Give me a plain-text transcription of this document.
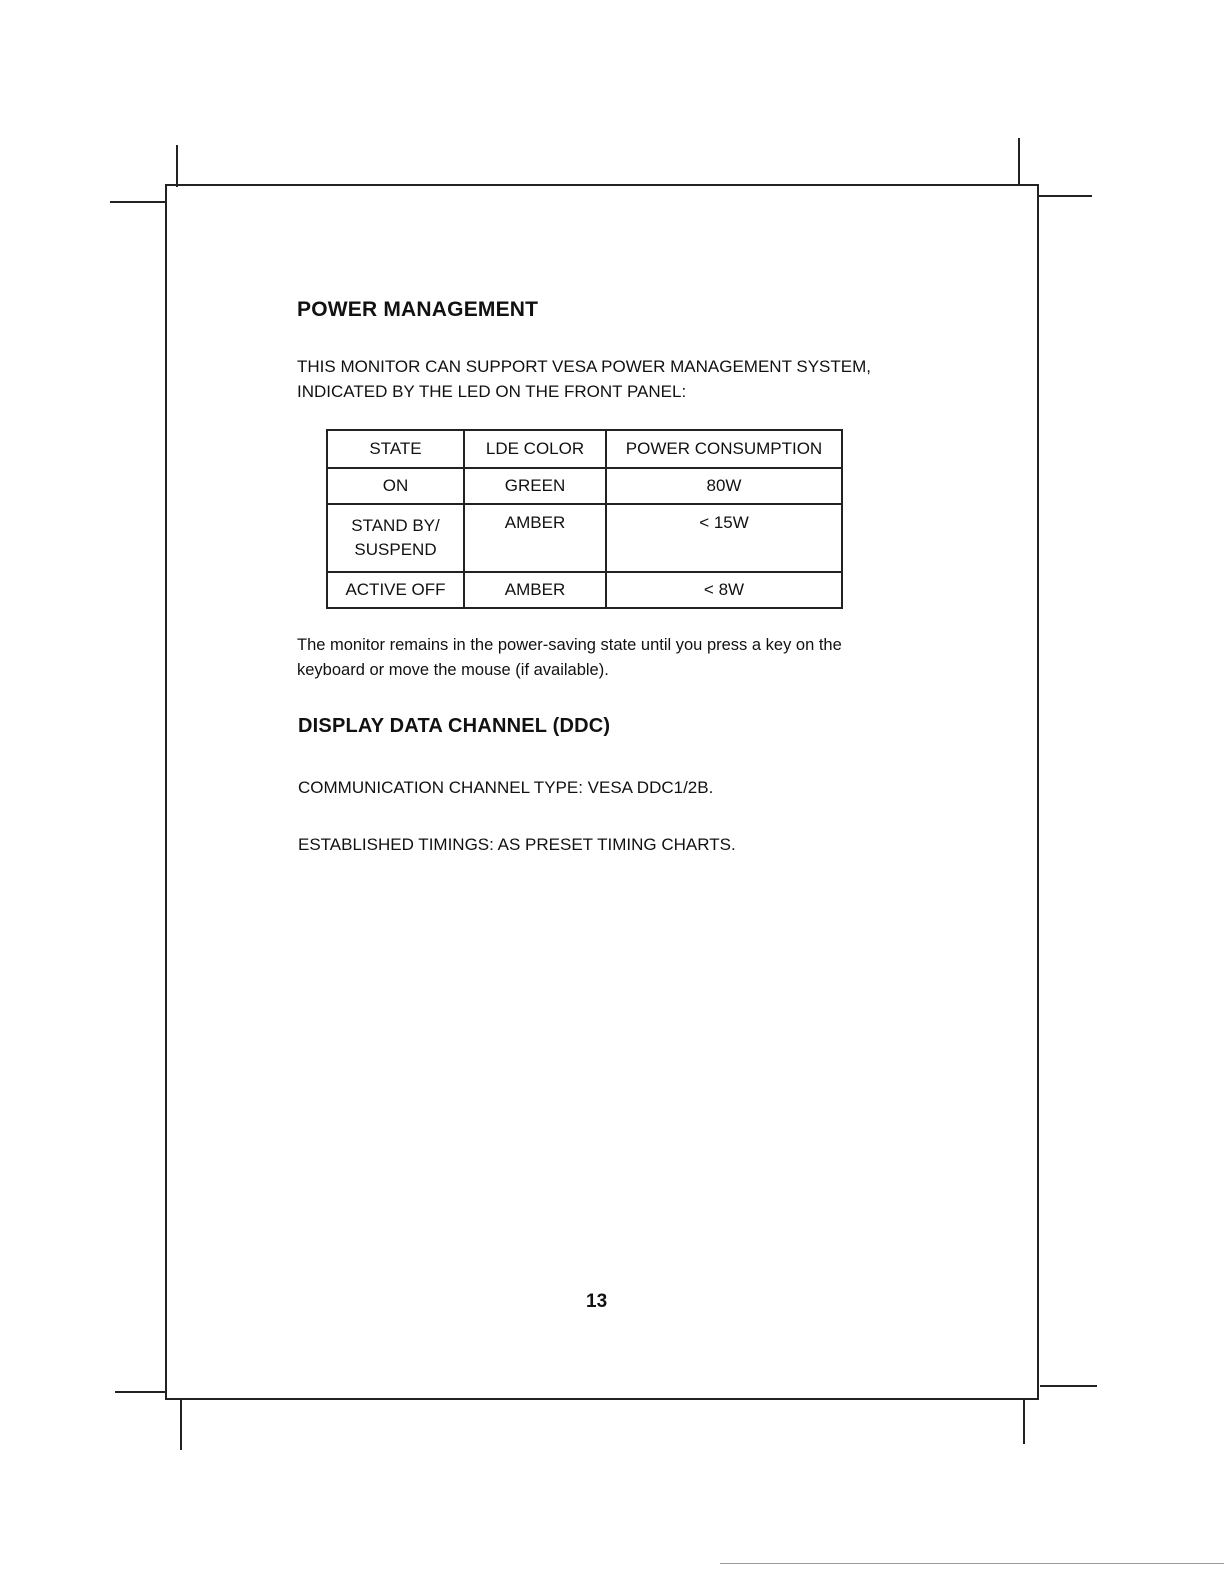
POWER MANAGEMENT

THIS MONITOR CAN SUPPORT VESA POWER MANAGEMENT SYSTEM,

INDICATED BY THE LED ON THE FRONT PANEL:

STATE	LDE COLOR	POWER CONSUMPTION
ON	GREEN	80W

STAND BY/
SUSPEND	AMBER	< 15W
ACTIVE OFF	AMBER	< 8W

The monitor remains in the power-saving state until you press a key on the

keyboard or move the mouse (if available).

DISPLAY DATA CHANNEL (DDC)

COMMUNICATION CHANNEL TYPE: VESA DDC1/2B.

ESTABLISHED TIMINGS: AS PRESET TIMING CHARTS.

13
